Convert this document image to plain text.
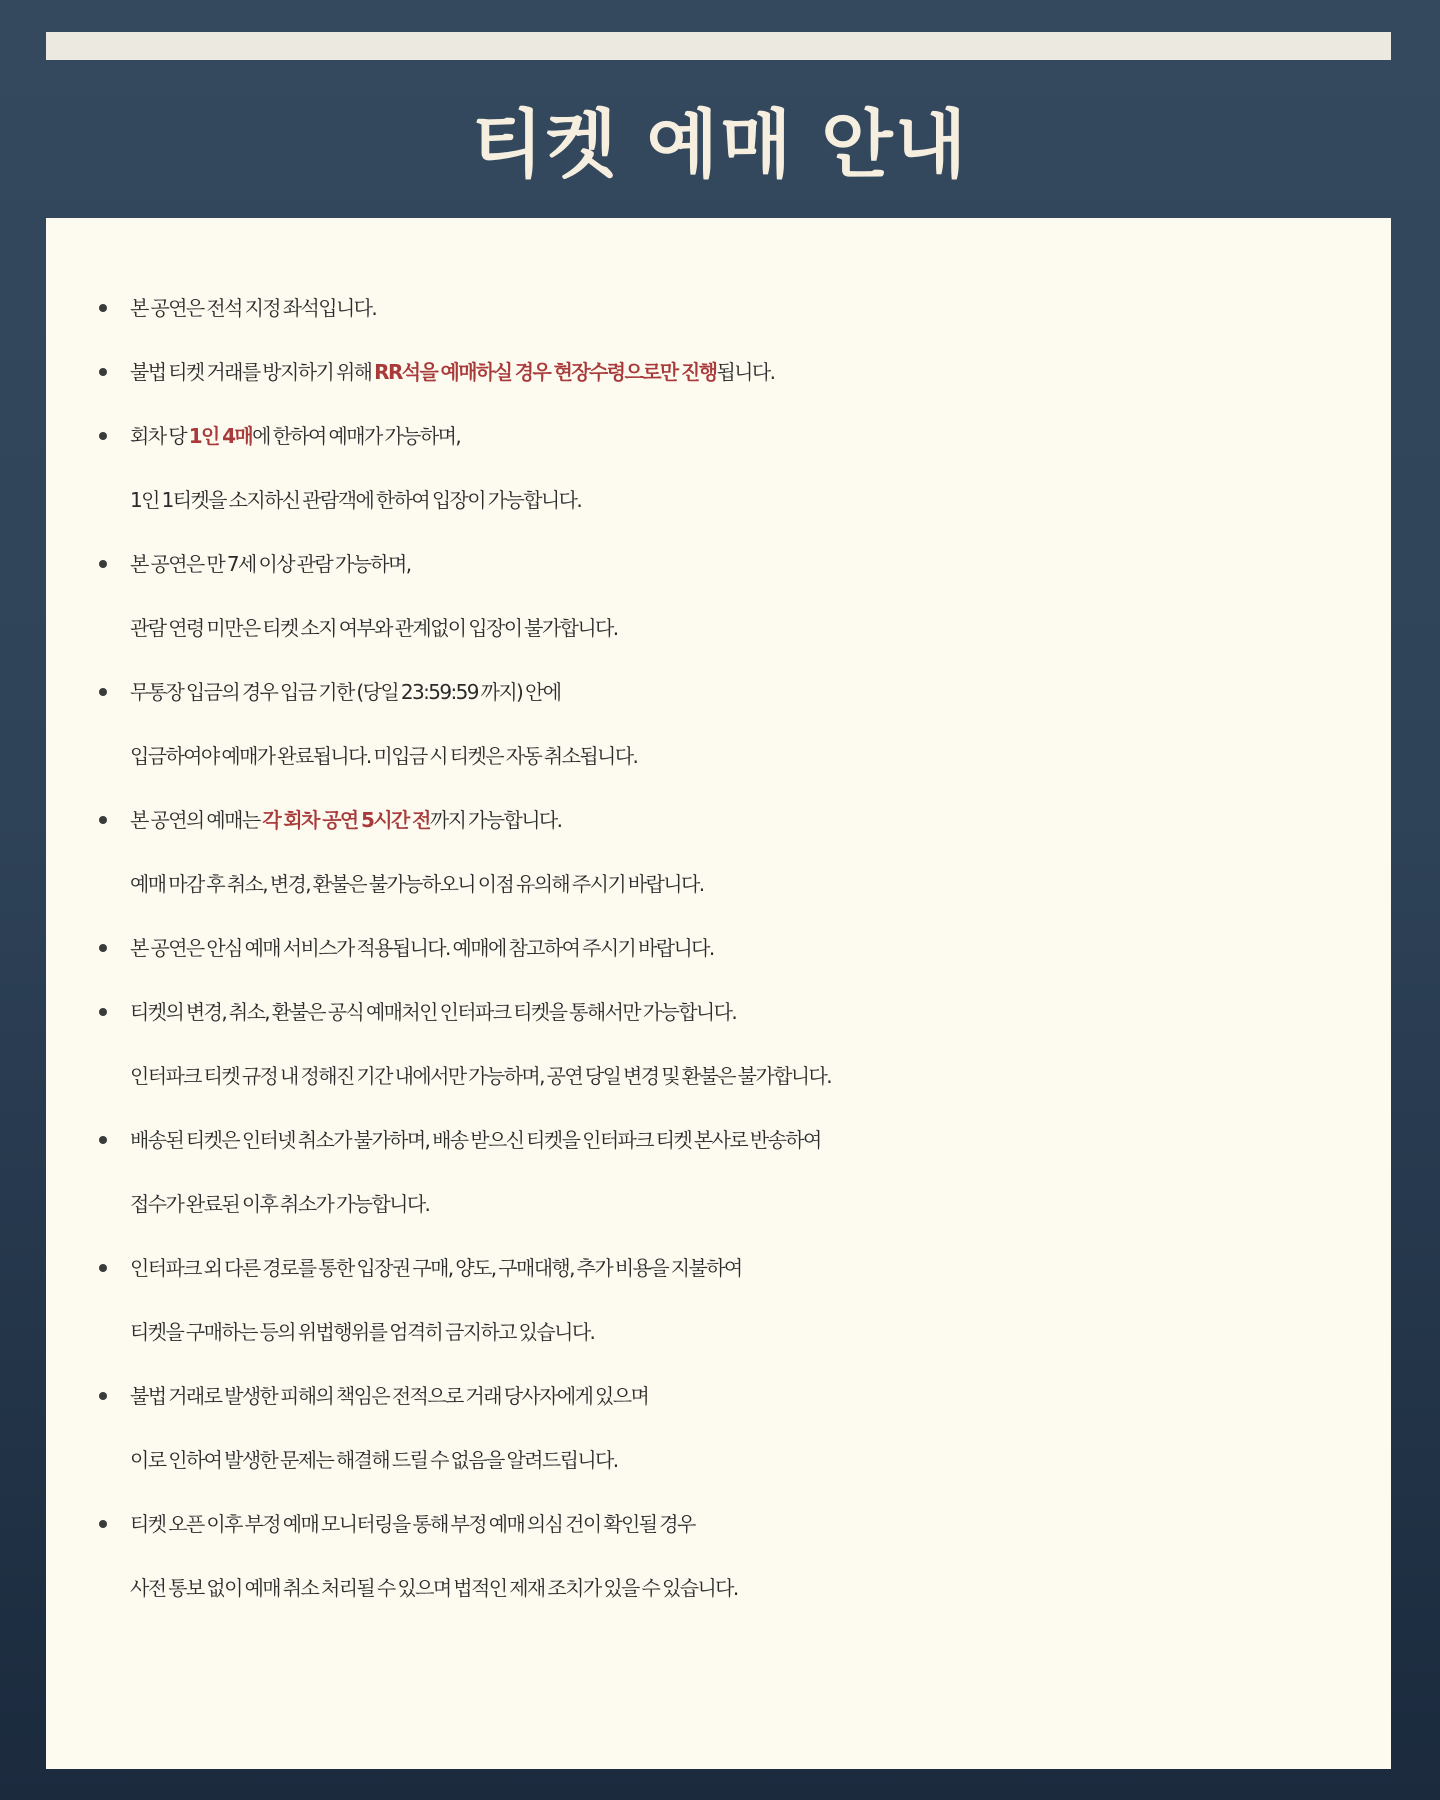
티켓 예매 안내
본 공연은 전석 지정 좌석입니다.
불법 티켓 거래를 방지하기 위해 RR석을 예매하실 경우 현장수령으로만 진행됩니다.
회차 당 1인 4매에 한하여 예매가 가능하며,
1인 1티켓을 소지하신 관람객에 한하여 입장이 가능합니다.
본 공연은 만 7세 이상 관람 가능하며,
관람 연령 미만은 티켓 소지 여부와 관계없이 입장이 불가합니다.
무통장 입금의 경우 입금 기한 (당일 23:59:59 까지) 안에
입금하여야 예매가 완료됩니다. 미입금 시 티켓은 자동 취소됩니다.
본 공연의 예매는 각 회차 공연 5시간 전까지 가능합니다.
예매 마감 후 취소, 변경, 환불은 불가능하오니 이점 유의해 주시기 바랍니다.
본 공연은 안심 예매 서비스가 적용됩니다. 예매에 참고하여 주시기 바랍니다.
티켓의 변경, 취소, 환불은 공식 예매처인 인터파크 티켓을 통해서만 가능합니다.
인터파크 티켓 규정 내 정해진 기간 내에서만 가능하며, 공연 당일 변경 및 환불은 불가합니다.
배송된 티켓은 인터넷 취소가 불가하며, 배송 받으신 티켓을 인터파크 티켓 본사로 반송하여
접수가 완료된 이후 취소가 가능합니다.
인터파크 외 다른 경로를 통한 입장권 구매, 양도, 구매대행, 추가 비용을 지불하여
티켓을 구매하는 등의 위법행위를 엄격히 금지하고 있습니다.
불법 거래로 발생한 피해의 책임은 전적으로 거래 당사자에게 있으며
이로 인하여 발생한 문제는 해결해 드릴 수 없음을 알려드립니다.
티켓 오픈 이후 부정 예매 모니터링을 통해 부정 예매 의심 건이 확인될 경우
사전 통보 없이 예매 취소 처리될 수 있으며 법적인 제재 조치가 있을 수 있습니다.
